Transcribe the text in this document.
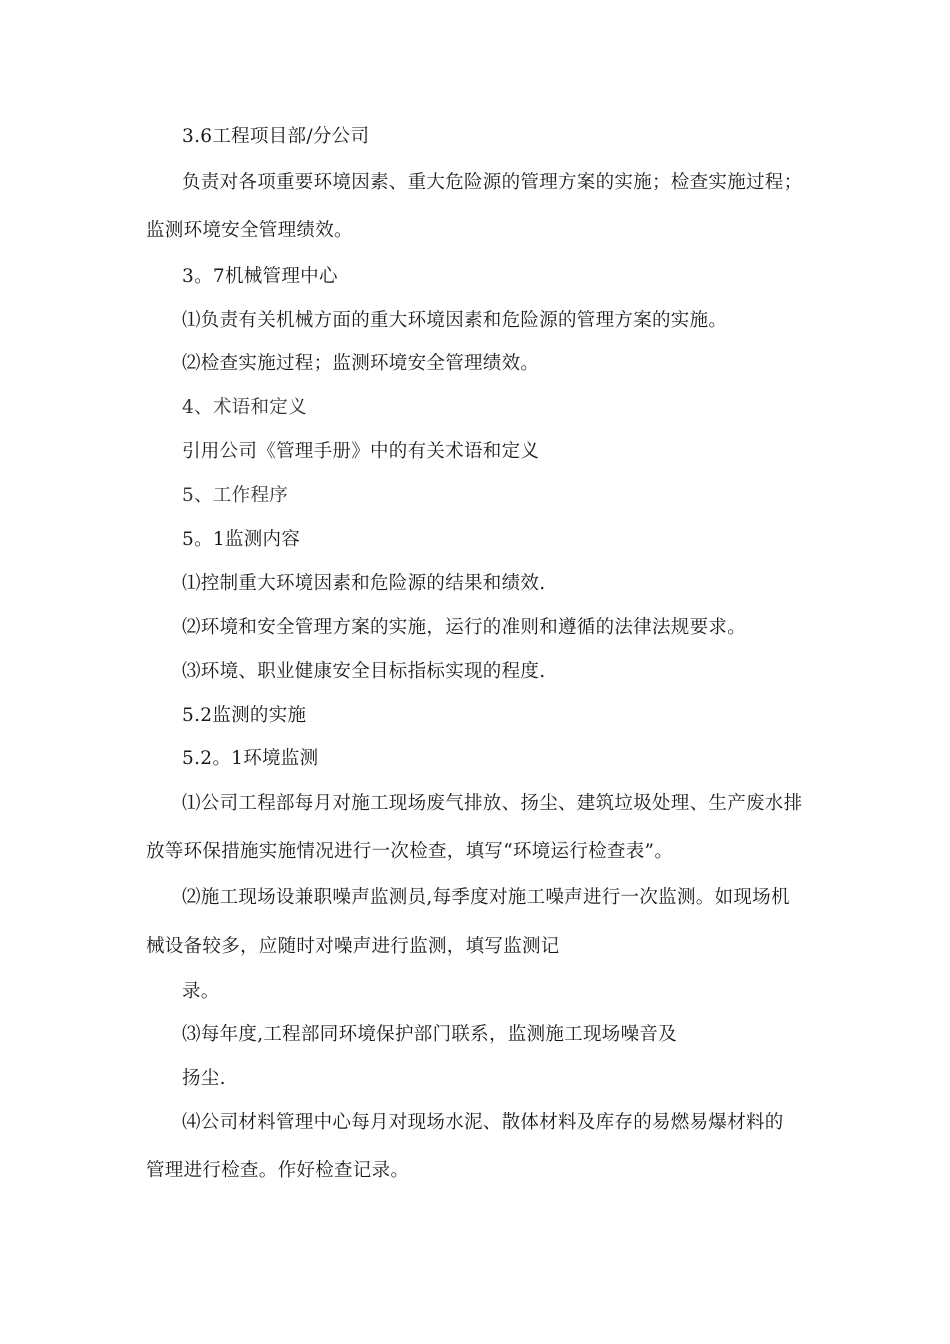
3.6工程项目部/分公司
负责对各项重要环境因素、重大危险源的管理方案的实施；检查实施过程；
监测环境安全管理绩效。
3。7机械管理中心
⑴负责有关机械方面的重大环境因素和危险源的管理方案的实施。
⑵检查实施过程；监测环境安全管理绩效。
4、术语和定义
引用公司《管理手册》中的有关术语和定义
5、工作程序
5。1监测内容
⑴控制重大环境因素和危险源的结果和绩效.
⑵环境和安全管理方案的实施，运行的准则和遵循的法律法规要求。
⑶环境、职业健康安全目标指标实现的程度.
5.2监测的实施
5.2。1环境监测
⑴公司工程部每月对施工现场废气排放、扬尘、建筑垃圾处理、生产废水排
放等环保措施实施情况进行一次检查，填写“环境运行检查表”。
⑵施工现场设兼职噪声监测员,每季度对施工噪声进行一次监测。如现场机
械设备较多，应随时对噪声进行监测，填写监测记
录。
⑶每年度,工程部同环境保护部门联系，监测施工现场噪音及
扬尘.
⑷公司材料管理中心每月对现场水泥、散体材料及库存的易燃易爆材料的
管理进行检查。作好检查记录。
